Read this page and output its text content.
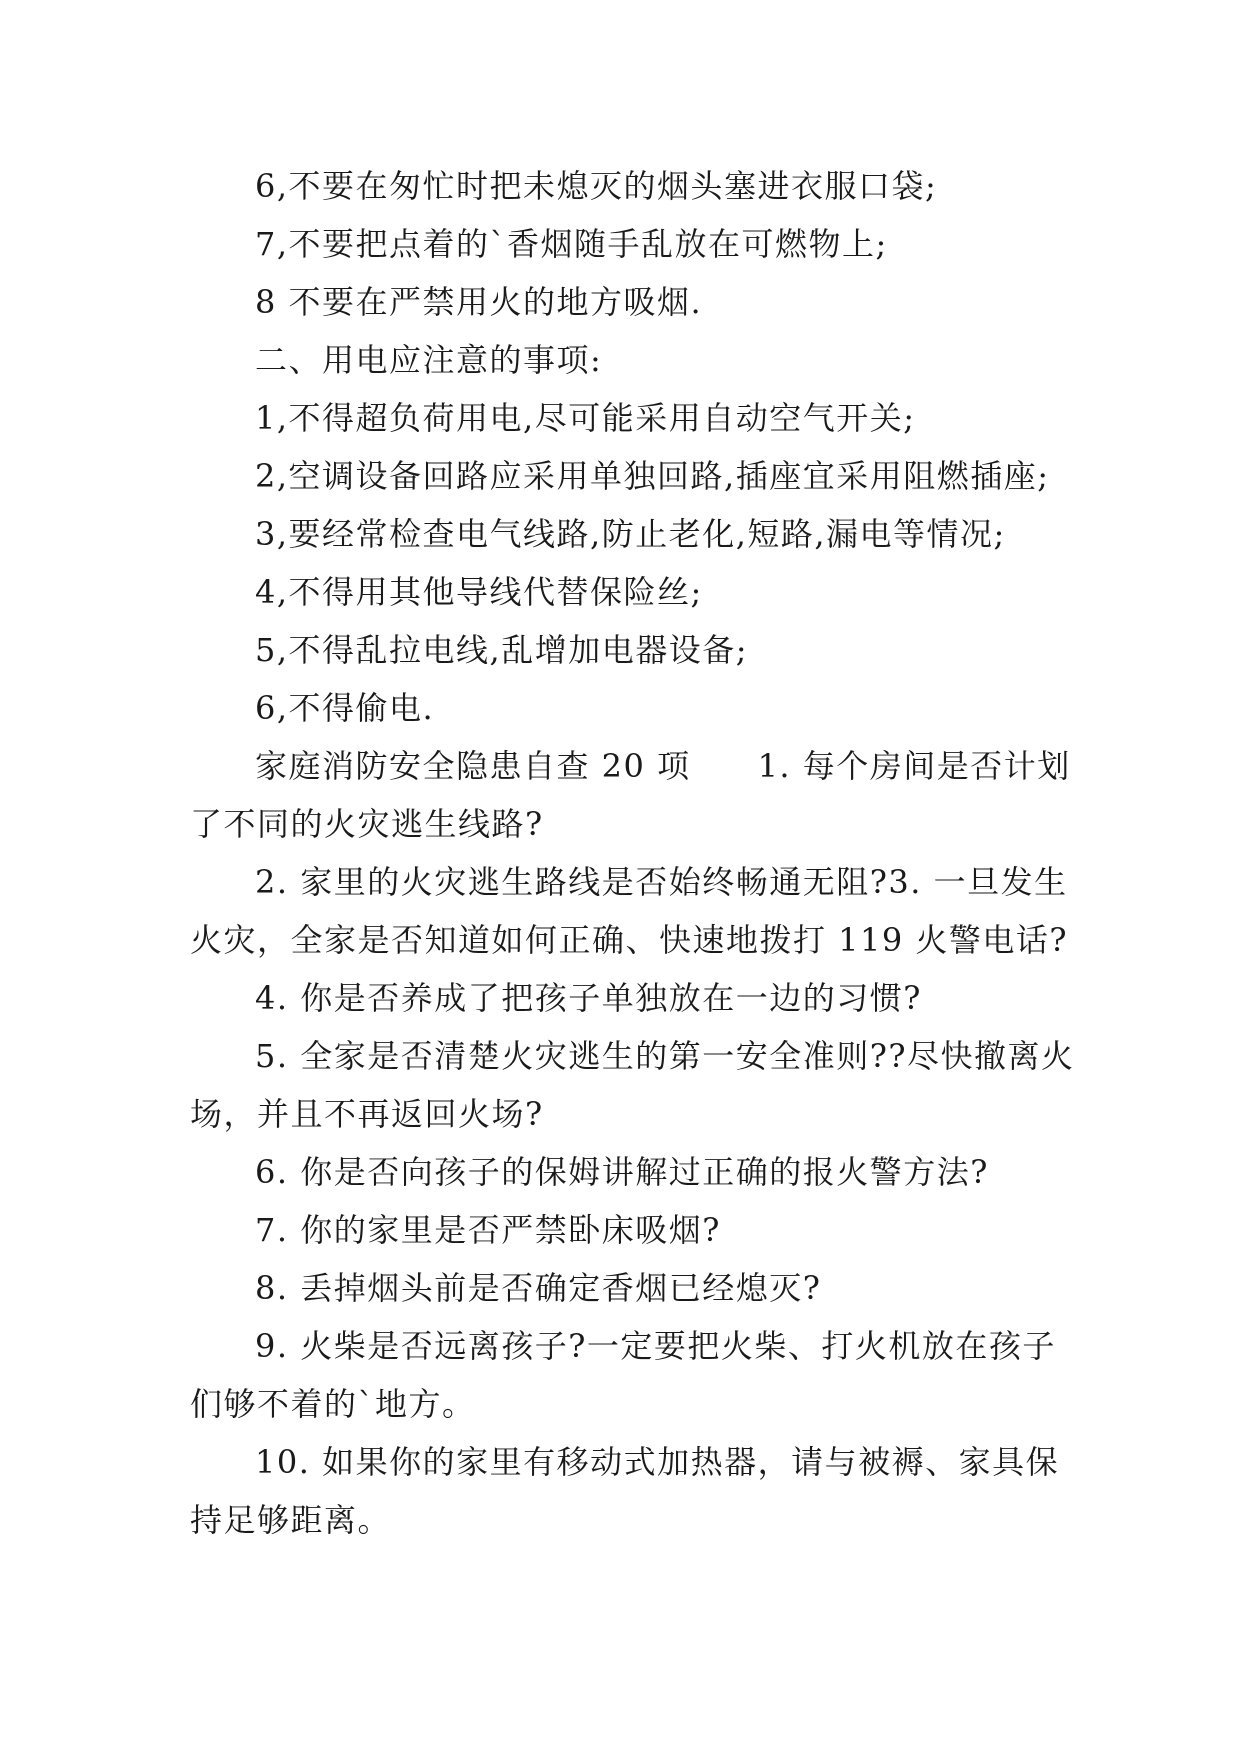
6,不要在匆忙时把未熄灭的烟头塞进衣服口袋;
7,不要把点着的`香烟随手乱放在可燃物上;
8 不要在严禁用火的地方吸烟.
二、用电应注意的事项:
1,不得超负荷用电,尽可能采用自动空气开关;
2,空调设备回路应采用单独回路,插座宜采用阻燃插座;
3,要经常检查电气线路,防止老化,短路,漏电等情况;
4,不得用其他导线代替保险丝;
5,不得乱拉电线,乱增加电器设备;
6,不得偷电.
家庭消防安全隐患自查 20 项　　1. 每个房间是否计划
了不同的火灾逃生线路?
2. 家里的火灾逃生路线是否始终畅通无阻?3. 一旦发生
火灾，全家是否知道如何正确、快速地拨打 119 火警电话?
4. 你是否养成了把孩子单独放在一边的习惯?
5. 全家是否清楚火灾逃生的第一安全准则??尽快撤离火
场，并且不再返回火场?
6. 你是否向孩子的保姆讲解过正确的报火警方法?
7. 你的家里是否严禁卧床吸烟?
8. 丢掉烟头前是否确定香烟已经熄灭?
9. 火柴是否远离孩子?一定要把火柴、打火机放在孩子
们够不着的`地方。
10. 如果你的家里有移动式加热器，请与被褥、家具保
持足够距离。
